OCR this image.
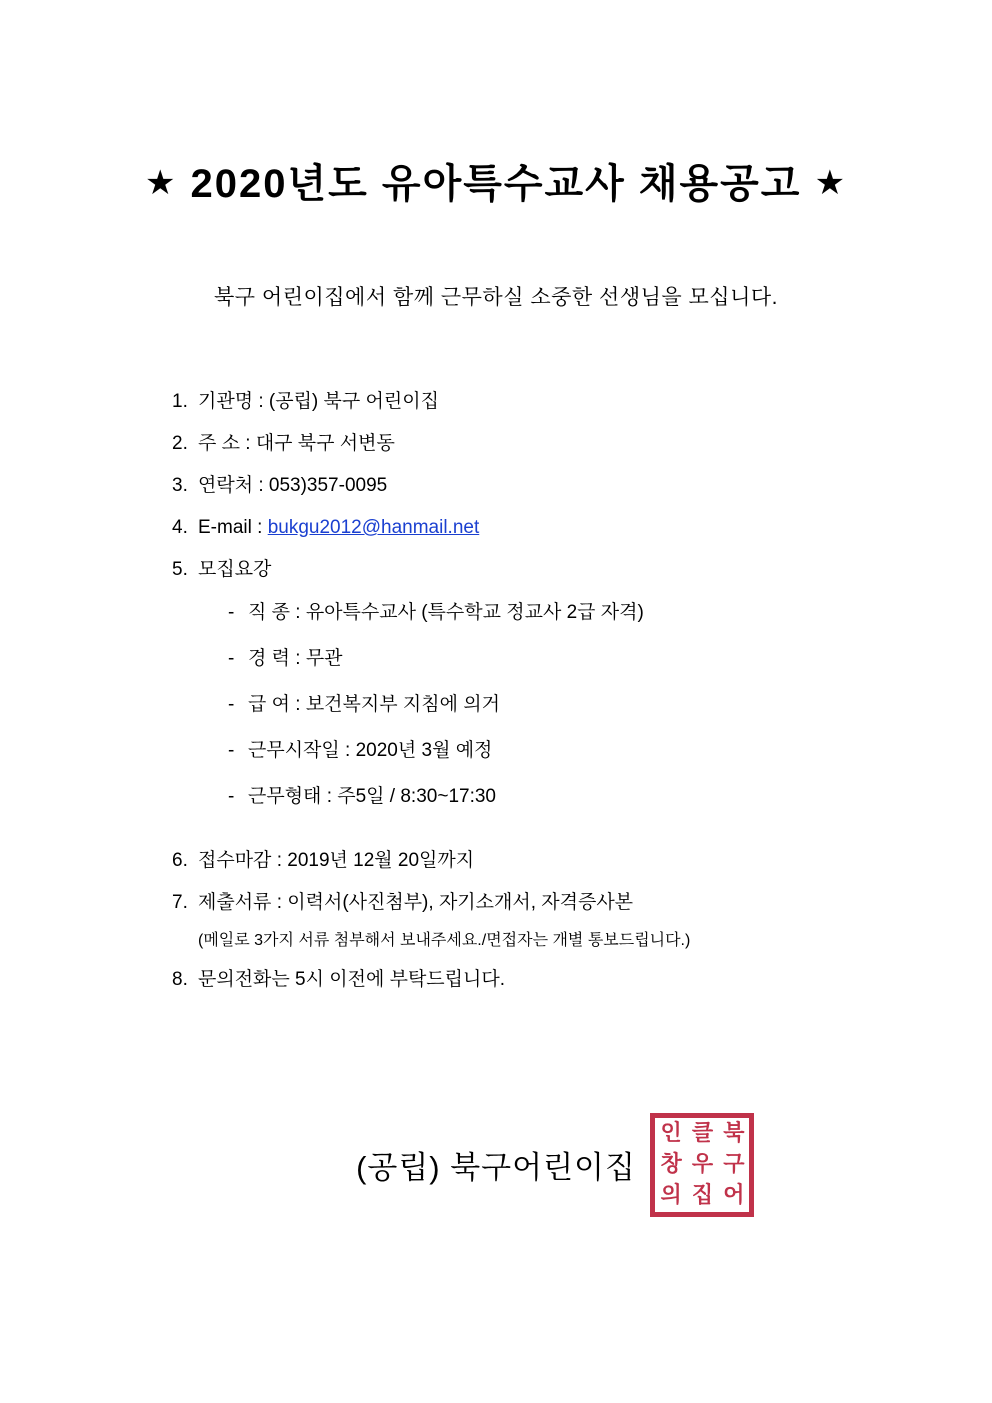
★ 2020년도 유아특수교사 채용공고 ★
북구 어린이집에서 함께 근무하실 소중한 선생님을 모십니다.
1. 기관명 : (공립) 북구 어린이집
2. 주 소 : 대구 북구 서변동
3. 연락처 : 053)357-0095
4. E-mail : bukgu2012@hanmail.net
5. 모집요강
- 직 종 : 유아특수교사 (특수학교 정교사 2급 자격)
- 경 력 : 무관
- 급 여 : 보건복지부 지침에 의거
- 근무시작일 : 2020년 3월 예정
- 근무형태 : 주5일 / 8:30~17:30
6. 접수마감 : 2019년 12월 20일까지
7. 제출서류 : 이력서(사진첨부), 자기소개서, 자격증사본
(메일로 3가지 서류 첨부해서 보내주세요./면접자는 개별 통보드립니다.)
8. 문의전화는 5시 이전에 부탁드립니다.
(공립) 북구어린이집
인 클 북
창 우 구
의 집 어
